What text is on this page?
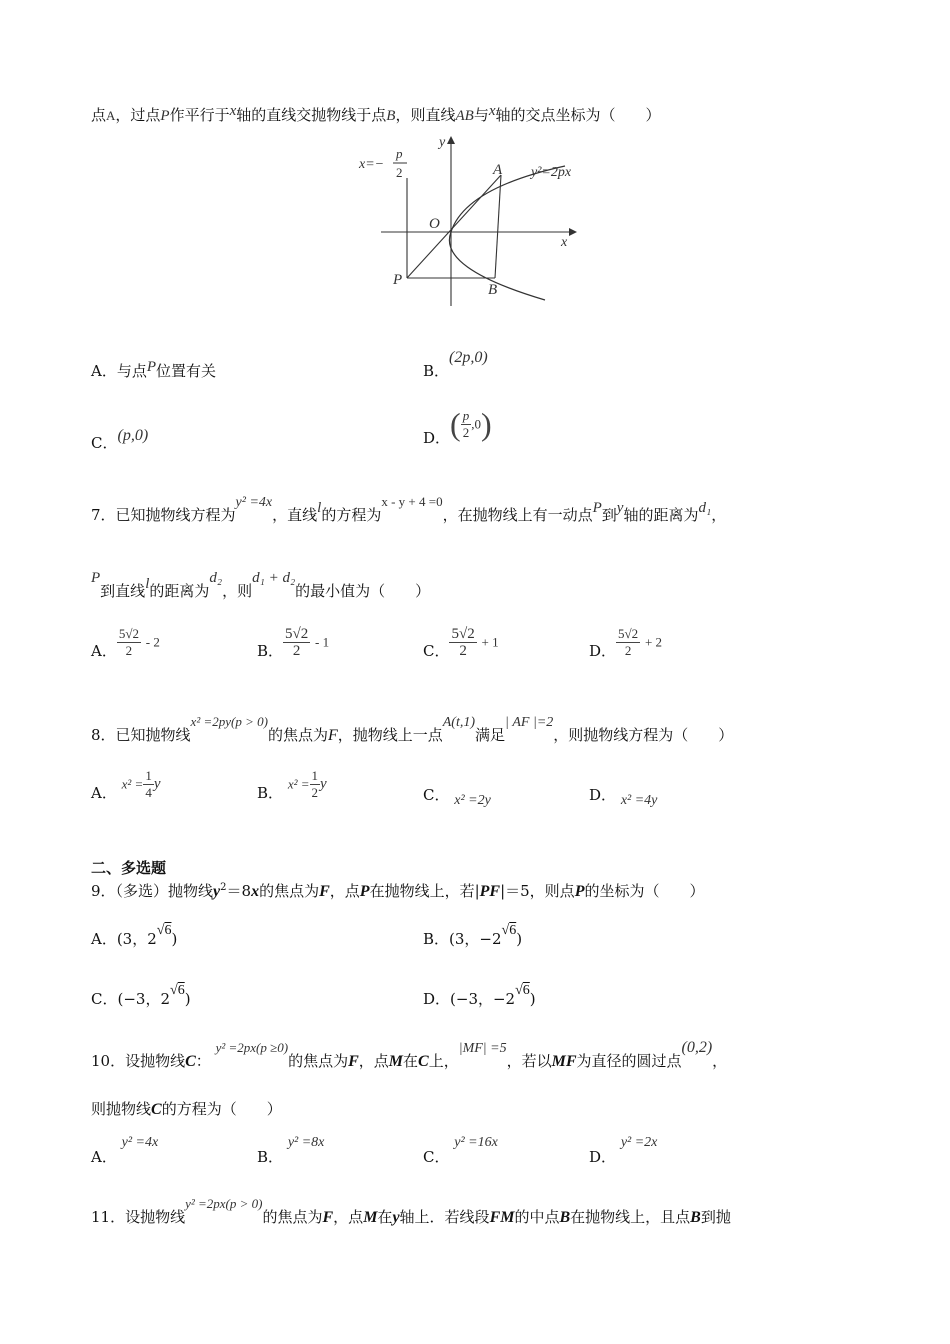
点A，过点P作平行于x轴的直线交抛物线于点B，则直线AB与x轴的交点坐标为（　　）
y
x
O
A
B
P
y²=2px
x=−
p
2
A．与点P位置有关	B．(2p,0)
C．(p,0)	D．( $\frac{p}{2} ,0$)
7．已知抛物线方程为y² =4x，直线l的方程为x - y + 4 =0，在抛物线上有一动点P到y轴的距离为d₁，
P到直线l的距离为d₂，则d₁ + d₂的最小值为（　　）
A． $\frac{5√2}{2} - 2$	B． $\frac{5√2}{2} - 1$	C． $\frac{5√2}{2} + 1$	D． $\frac{5√2}{2} + 2$
8．已知抛物线x² =2py(p > 0)的焦点为F，抛物线上一点A(t,1)满足| AF |=2，则抛物线方程为（　　）
A． $x^2 = \frac{1}{4}$ y	B． $x^2 = \frac{1}{2}$ y
C． x² =2y	D． x² =4y
二、多选题
9．（多选）抛物线$y^2=8x$的焦点为F，点P在抛物线上，若|PF|＝5，则点P的坐标为（　　）
A．(3，2√6)	B．(3，−2√6)
C．(−3，2√6)	D．(−3，−2√6)
10．设抛物线C： y² =2px(p ≥0)的焦点为F，点M在C上，|MF| =5，若以MF为直径的圆过点(0,2)，
则抛物线C的方程为（　　）
A． y² =4x
B． y² =8x
C． y² =16x
D． y² =2x
11．设抛物线y² =2px(p > 0)的焦点为F，点M在y轴上．若线段FM的中点B在抛物线上，且点B到抛
